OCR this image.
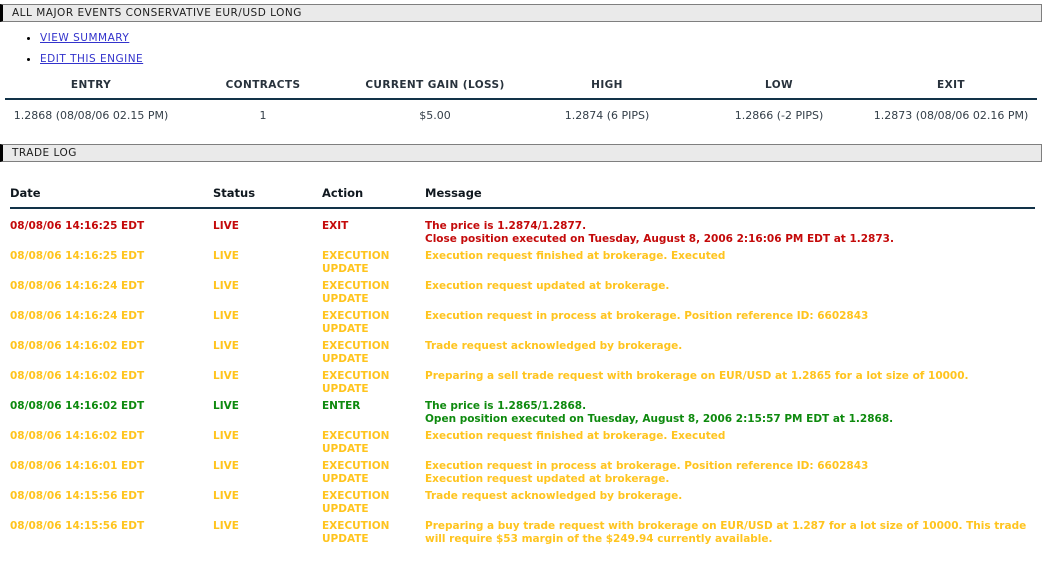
ALL MAJOR EVENTS CONSERVATIVE EUR/USD LONG
• VIEW SUMMARY
• EDIT THIS ENGINE
ENTRY	CONTRACTS	CURRENT GAIN (LOSS)	HIGH	LOW	EXIT
1.2868 (08/08/06 02.15 PM)	1	$5.00	1.2874 (6 PIPS)	1.2866 (-2 PIPS)	1.2873 (08/08/06 02.16 PM)
TRADE LOG
Date	Status	Action	Message
08/08/06 14:16:25 EDT	LIVE	EXIT	The price is 1.2874/1.2877.
Close position executed on Tuesday, August 8, 2006 2:16:06 PM EDT at 1.2873.
08/08/06 14:16:25 EDT	LIVE	EXECUTION UPDATE
Execution request finished at brokerage. Executed
08/08/06 14:16:24 EDT	LIVE	EXECUTION UPDATE
Execution request updated at brokerage.
08/08/06 14:16:24 EDT	LIVE	EXECUTION UPDATE
Execution request in process at brokerage. Position reference ID: 6602843
08/08/06 14:16:02 EDT	LIVE	EXECUTION UPDATE
Trade request acknowledged by brokerage.
08/08/06 14:16:02 EDT	LIVE	EXECUTION UPDATE
Preparing a sell trade request with brokerage on EUR/USD at 1.2865 for a lot size of 10000.
08/08/06 14:16:02 EDT	LIVE	ENTER	The price is 1.2865/1.2868.
Open position executed on Tuesday, August 8, 2006 2:15:57 PM EDT at 1.2868.
08/08/06 14:16:02 EDT	LIVE	EXECUTION UPDATE
Execution request finished at brokerage. Executed
08/08/06 14:16:01 EDT	LIVE	EXECUTION UPDATE
Execution request in process at brokerage. Position reference ID: 6602843
Execution request updated at brokerage.
08/08/06 14:15:56 EDT	LIVE	EXECUTION UPDATE
Trade request acknowledged by brokerage.
08/08/06 14:15:56 EDT	LIVE	EXECUTION UPDATE
Preparing a buy trade request with brokerage on EUR/USD at 1.287 for a lot size of 10000. This trade will require $53 margin of the $249.94 currently available.
